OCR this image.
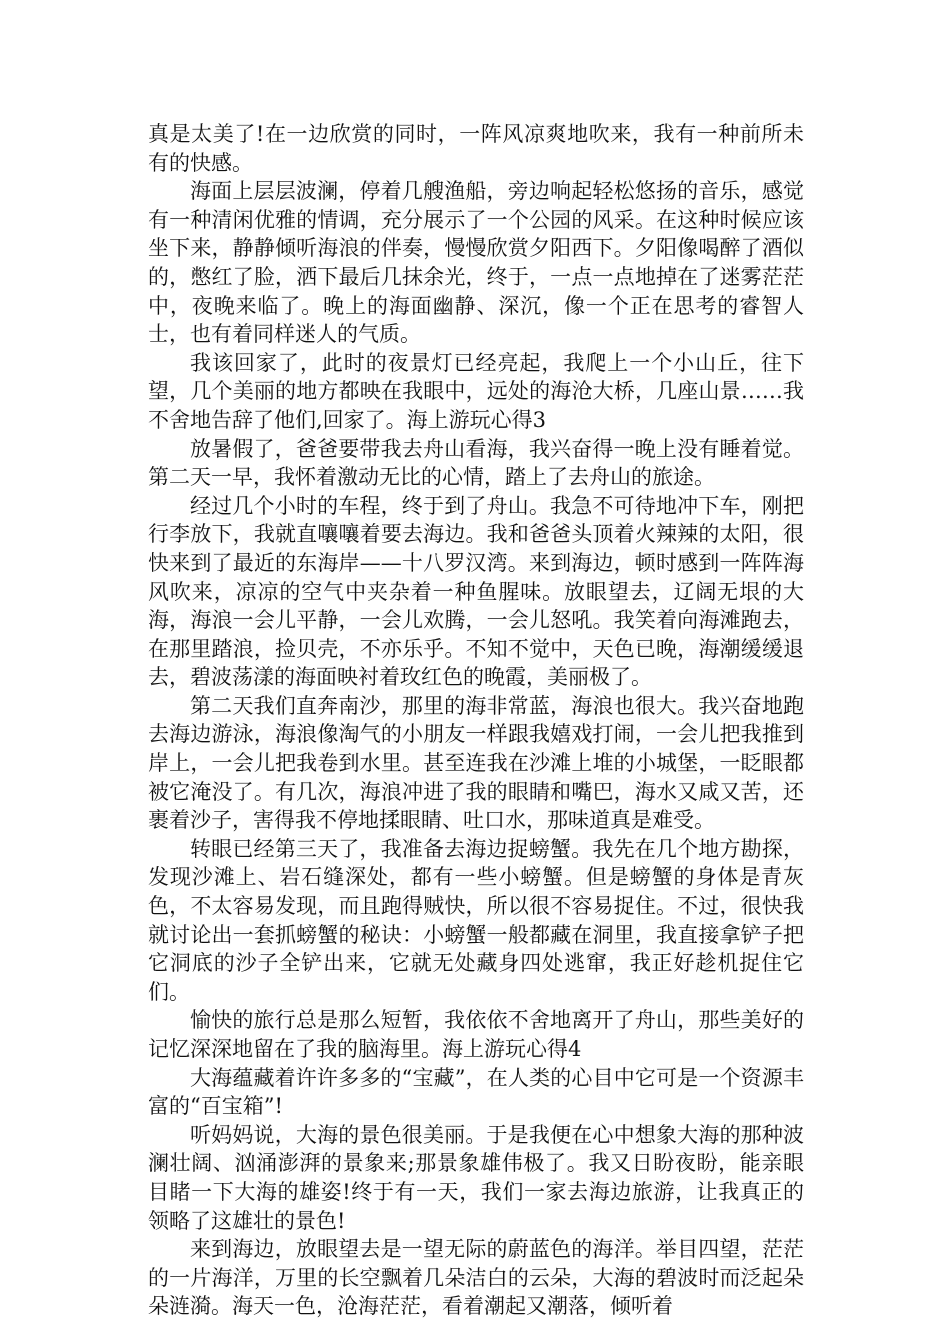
真是太美了!在一边欣赏的同时，一阵风凉爽地吹来，我有一种前所未有的快感。

海面上层层波澜，停着几艘渔船，旁边响起轻松悠扬的音乐，感觉有一种清闲优雅的情调，充分展示了一个公园的风采。在这种时候应该坐下来，静静倾听海浪的伴奏，慢慢欣赏夕阳西下。夕阳像喝醉了酒似的，憋红了脸，洒下最后几抹余光，终于，一点一点地掉在了迷雾茫茫中，夜晚来临了。晚上的海面幽静、深沉，像一个正在思考的睿智人士，也有着同样迷人的气质。

我该回家了，此时的夜景灯已经亮起，我爬上一个小山丘，往下望，几个美丽的地方都映在我眼中，远处的海沧大桥，几座山景……我不舍地告辞了他们,回家了。海上游玩心得3

放暑假了，爸爸要带我去舟山看海，我兴奋得一晚上没有睡着觉。第二天一早，我怀着激动无比的心情，踏上了去舟山的旅途。

经过几个小时的车程，终于到了舟山。我急不可待地冲下车，刚把行李放下，我就直嚷嚷着要去海边。我和爸爸头顶着火辣辣的太阳，很快来到了最近的东海岸——十八罗汉湾。来到海边，顿时感到一阵阵海风吹来，凉凉的空气中夹杂着一种鱼腥味。放眼望去，辽阔无垠的大海，海浪一会儿平静，一会儿欢腾，一会儿怒吼。我笑着向海滩跑去，在那里踏浪，捡贝壳，不亦乐乎。不知不觉中，天色已晚，海潮缓缓退去，碧波荡漾的海面映衬着玫红色的晚霞，美丽极了。

第二天我们直奔南沙，那里的海非常蓝，海浪也很大。我兴奋地跑去海边游泳，海浪像淘气的小朋友一样跟我嬉戏打闹，一会儿把我推到岸上，一会儿把我卷到水里。甚至连我在沙滩上堆的小城堡，一眨眼都被它淹没了。有几次，海浪冲进了我的眼睛和嘴巴，海水又咸又苦，还裹着沙子，害得我不停地揉眼睛、吐口水，那味道真是难受。

转眼已经第三天了，我准备去海边捉螃蟹。我先在几个地方勘探，发现沙滩上、岩石缝深处，都有一些小螃蟹。但是螃蟹的身体是青灰色，不太容易发现，而且跑得贼快，所以很不容易捉住。不过，很快我就讨论出一套抓螃蟹的秘诀：小螃蟹一般都藏在洞里，我直接拿铲子把它洞底的沙子全铲出来，它就无处藏身四处逃窜，我正好趁机捉住它们。

愉快的旅行总是那么短暂，我依依不舍地离开了舟山，那些美好的记忆深深地留在了我的脑海里。海上游玩心得4

大海蕴藏着许许多多的“宝藏”，在人类的心目中它可是一个资源丰富的“百宝箱”!

听妈妈说，大海的景色很美丽。于是我便在心中想象大海的那种波澜壮阔、汹涌澎湃的景象来;那景象雄伟极了。我又日盼夜盼，能亲眼目睹一下大海的雄姿!终于有一天，我们一家去海边旅游，让我真正的领略了这雄壮的景色!

来到海边，放眼望去是一望无际的蔚蓝色的海洋。举目四望，茫茫的一片海洋，万里的长空飘着几朵洁白的云朵，大海的碧波时而泛起朵朵涟漪。海天一色，沧海茫茫，看着潮起又潮落，倾听着
